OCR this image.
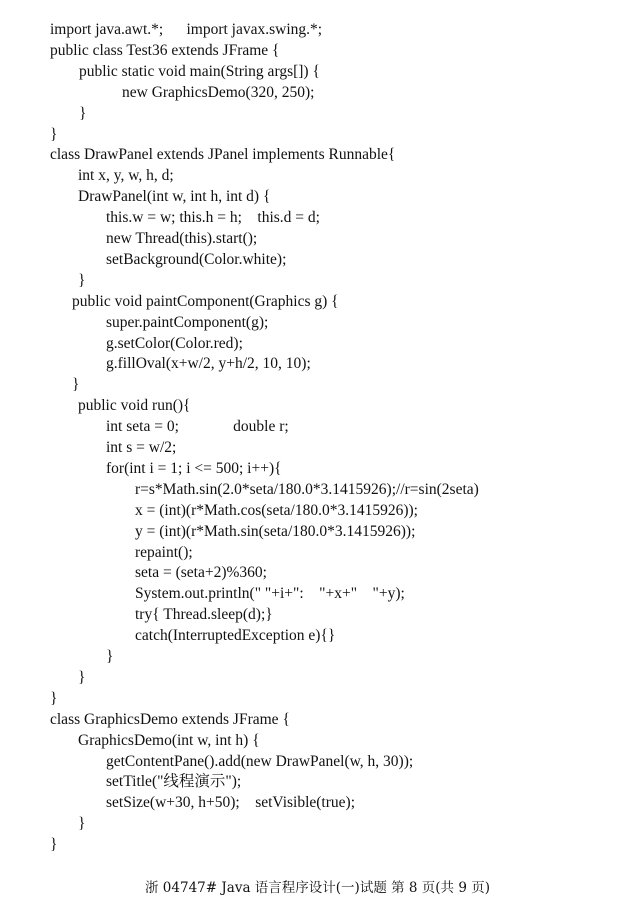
import java.awt.*;      import javax.swing.*;
public class Test36 extends JFrame {
public static void main(String args[]) {
new GraphicsDemo(320, 250);
}
}
class DrawPanel extends JPanel implements Runnable{
int x, y, w, h, d;
DrawPanel(int w, int h, int d) {
this.w = w; this.h = h;    this.d = d;
new Thread(this).start();
setBackground(Color.white);
}
public void paintComponent(Graphics g) {
super.paintComponent(g);
g.setColor(Color.red);
g.fillOval(x+w/2, y+h/2, 10, 10);
}
public void run(){
int seta = 0;              double r;
int s = w/2;
for(int i = 1; i <= 500; i++){
r=s*Math.sin(2.0*seta/180.0*3.1415926);//r=sin(2seta)
x = (int)(r*Math.cos(seta/180.0*3.1415926));
y = (int)(r*Math.sin(seta/180.0*3.1415926));
repaint();
seta = (seta+2)%360;
System.out.println(" "+i+":    "+x+"    "+y);
try{ Thread.sleep(d);}
catch(InterruptedException e){}
}
}
}
class GraphicsDemo extends JFrame {
GraphicsDemo(int w, int h) {
getContentPane().add(new DrawPanel(w, h, 30));
setTitle("线程演示");
setSize(w+30, h+50);    setVisible(true);
}
}
浙 04747# Java 语言程序设计(一)试题 第 8 页(共 9 页)
